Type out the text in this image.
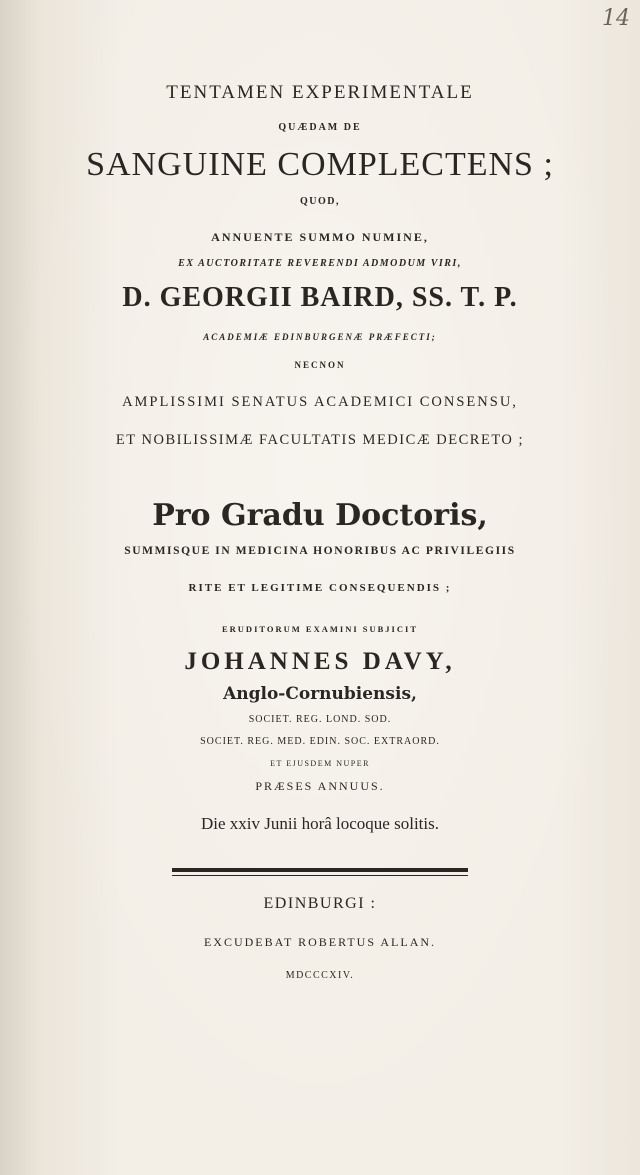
14
TENTAMEN EXPERIMENTALE
QUÆDAM DE
SANGUINE COMPLECTENS ;
QUOD,
ANNUENTE SUMMO NUMINE,
EX AUCTORITATE REVERENDI ADMODUM VIRI,
D. GEORGII BAIRD, SS. T. P.
ACADEMIÆ EDINBURGENÆ PRÆFECTI;
NECNON
AMPLISSIMI SENATUS ACADEMICI CONSENSU,
ET NOBILISSIMÆ FACULTATIS MEDICÆ DECRETO ;
Pro Gradu Doctoris,
SUMMISQUE IN MEDICINA HONORIBUS AC PRIVILEGIIS
RITE ET LEGITIME CONSEQUENDIS ;
ERUDITORUM EXAMINI SUBJICIT
JOHANNES DAVY,
Anglo-Cornubiensis,
SOCIET. REG. LOND. SOD.
SOCIET. REG. MED. EDIN. SOC. EXTRAORD.
ET EJUSDEM NUPER
PRÆSES ANNUUS.
Die xxiv Junii horâ locoque solitis.
EDINBURGI :
EXCUDEBAT ROBERTUS ALLAN.
MDCCCXIV.
